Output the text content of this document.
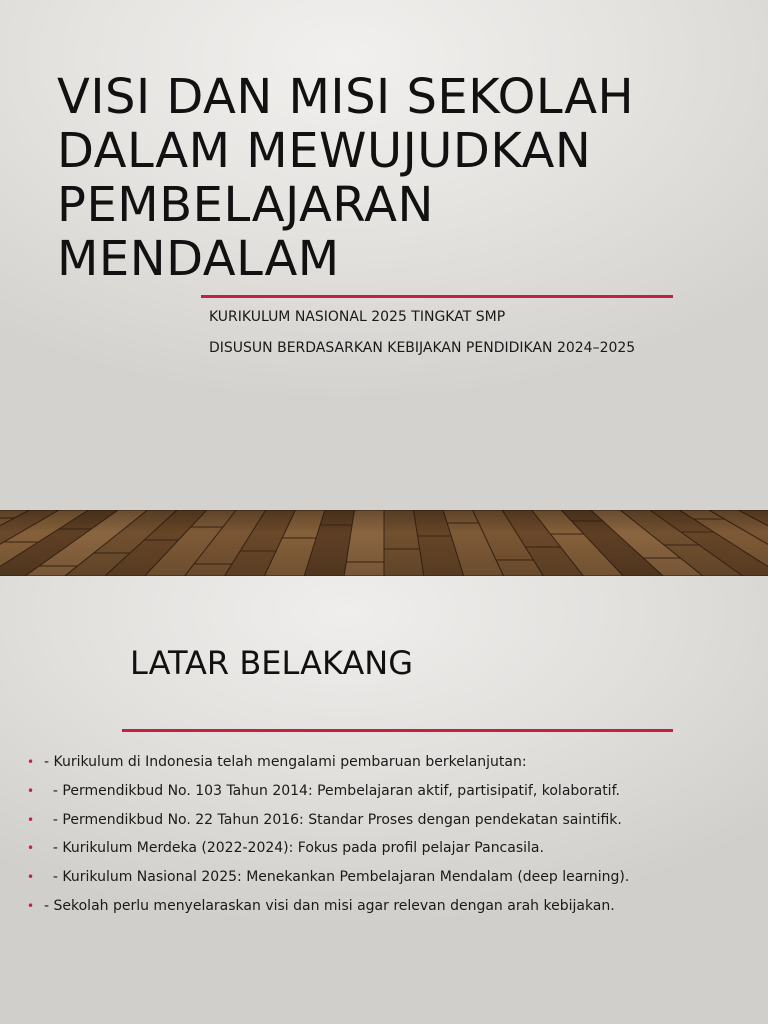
VISI DAN MISI SEKOLAH
DALAM MEWUJUDKAN
PEMBELAJARAN
MENDALAM
KURIKULUM NASIONAL 2025 TINGKAT SMP
DISUSUN BERDASARKAN KEBIJAKAN PENDIDIKAN 2024–2025
LATAR BELAKANG

•

- Kurikulum di Indonesia telah mengalami pembaruan berkelanjutan:

•

- Permendikbud No. 103 Tahun 2014: Pembelajaran aktif, partisipatif, kolaboratif.

•

- Permendikbud No. 22 Tahun 2016: Standar Proses dengan pendekatan saintifik.

•

- Kurikulum Merdeka (2022-2024): Fokus pada profil pelajar Pancasila.

•

- Kurikulum Nasional 2025: Menekankan Pembelajaran Mendalam (deep learning).

•

- Sekolah perlu menyelaraskan visi dan misi agar relevan dengan arah kebijakan.
